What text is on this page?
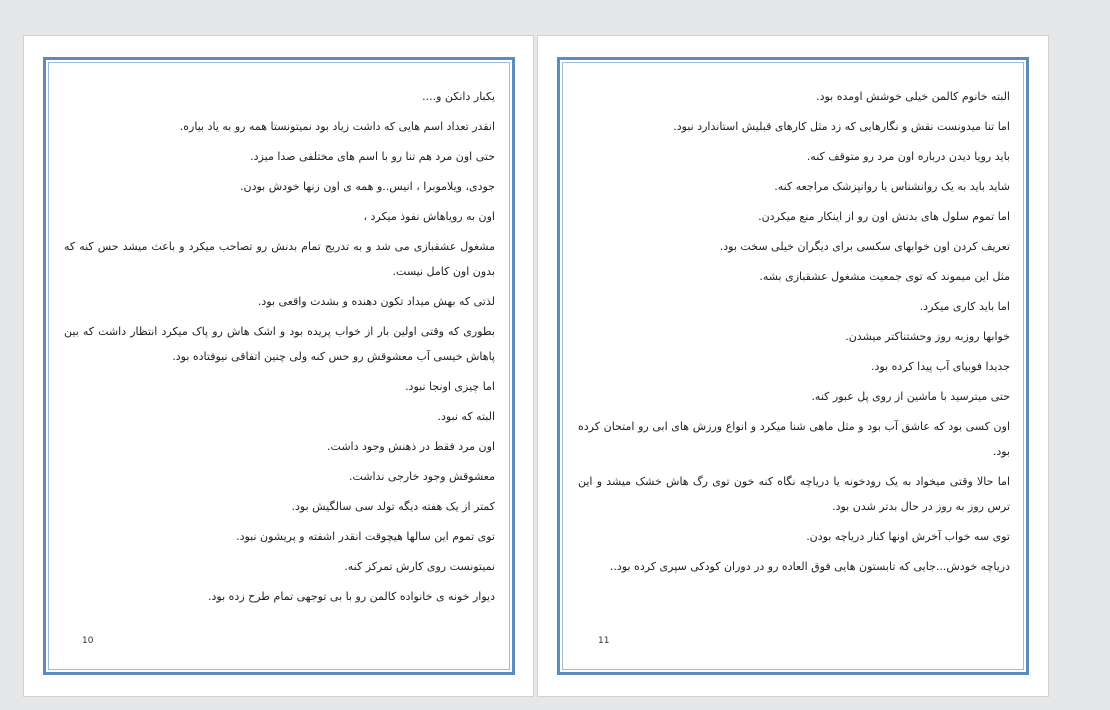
یکبار دانکن و....

انقدر تعداد اسم هایی که داشت زیاد بود نمیتونستا همه رو به یاد بیاره.

حتی اون مرد هم تنا رو با اسم های مختلفی صدا میزد.

جودی، ویلاموبرا ، انیس..و همه ی اون زنها خودش بودن.

اون به رویاهاش نفوذ میکرد ،

مشغول عشقبازی می شد و به تدریج تمام بدنش رو تصاحب میکرد و باعث میشد حس کنه که بدون اون کامل نیست.

لذتی که بهش میداد تکون دهنده و بشدت واقعی بود.

بطوری که وقتی اولین بار از خواب پریده بود و اشک هاش رو پاک میکرد انتظار داشت که بین پاهاش خیسی آب معشوقش رو حس کنه ولی چنین اتفاقی نیوفتاده بود.

اما چیزی اونجا نبود.

البته که نبود.

اون مرد فقط در ذهنش وجود داشت.

معشوقش وجود خارجی نداشت.

کمتر از یک هفته دیگه تولد سی سالگیش بود.

توی تموم این سالها هیچوقت انقدر اشفته و پریشون نبود.

نمیتونست روی کارش تمرکز کنه.

دیوار خونه ی خانواده کالمن رو با بی توجهی تمام طرح زده بود.

10

البته خانوم کالمن خیلی خوشش اومده بود.

اما تنا میدونست نقش و نگارهایی که زد مثل کارهای قبلیش استاندارد نبود.

باید رویا دیدن درباره اون مرد رو متوقف کنه.

شاید باید به یک روانشناس یا روانپزشک مراجعه کنه.

اما تموم سلول های بدنش اون رو از اینکار منع میکردن.

تعریف کردن اون خوابهای سکسی برای دیگران خیلی سخت بود.

مثل این میموند که توی جمعیت مشغول عشقبازی بشه.

اما باید کاری میکرد.

خوابها روزبه روز وحشتناکتر میشدن.

جدیدا فوبیای آب پیدا کرده بود.

حتی میترسید با ماشین از روی پل عبور کنه.

اون کسی بود که عاشق آب بود و مثل ماهی شنا میکرد و انواع ورزش های ابی رو امتحان کرده بود.

اما حالا وقتی میخواد به یک رودخونه یا دریاچه نگاه کنه خون توی رگ هاش خشک میشد و این ترس روز به روز در حال بدتر شدن بود.

توی سه خواب آخرش اونها کنار دریاچه بودن.

دریاچه خودش...جایی که تابستون هایی فوق العاده رو در دوران کودکی سپری کرده بود..

11
